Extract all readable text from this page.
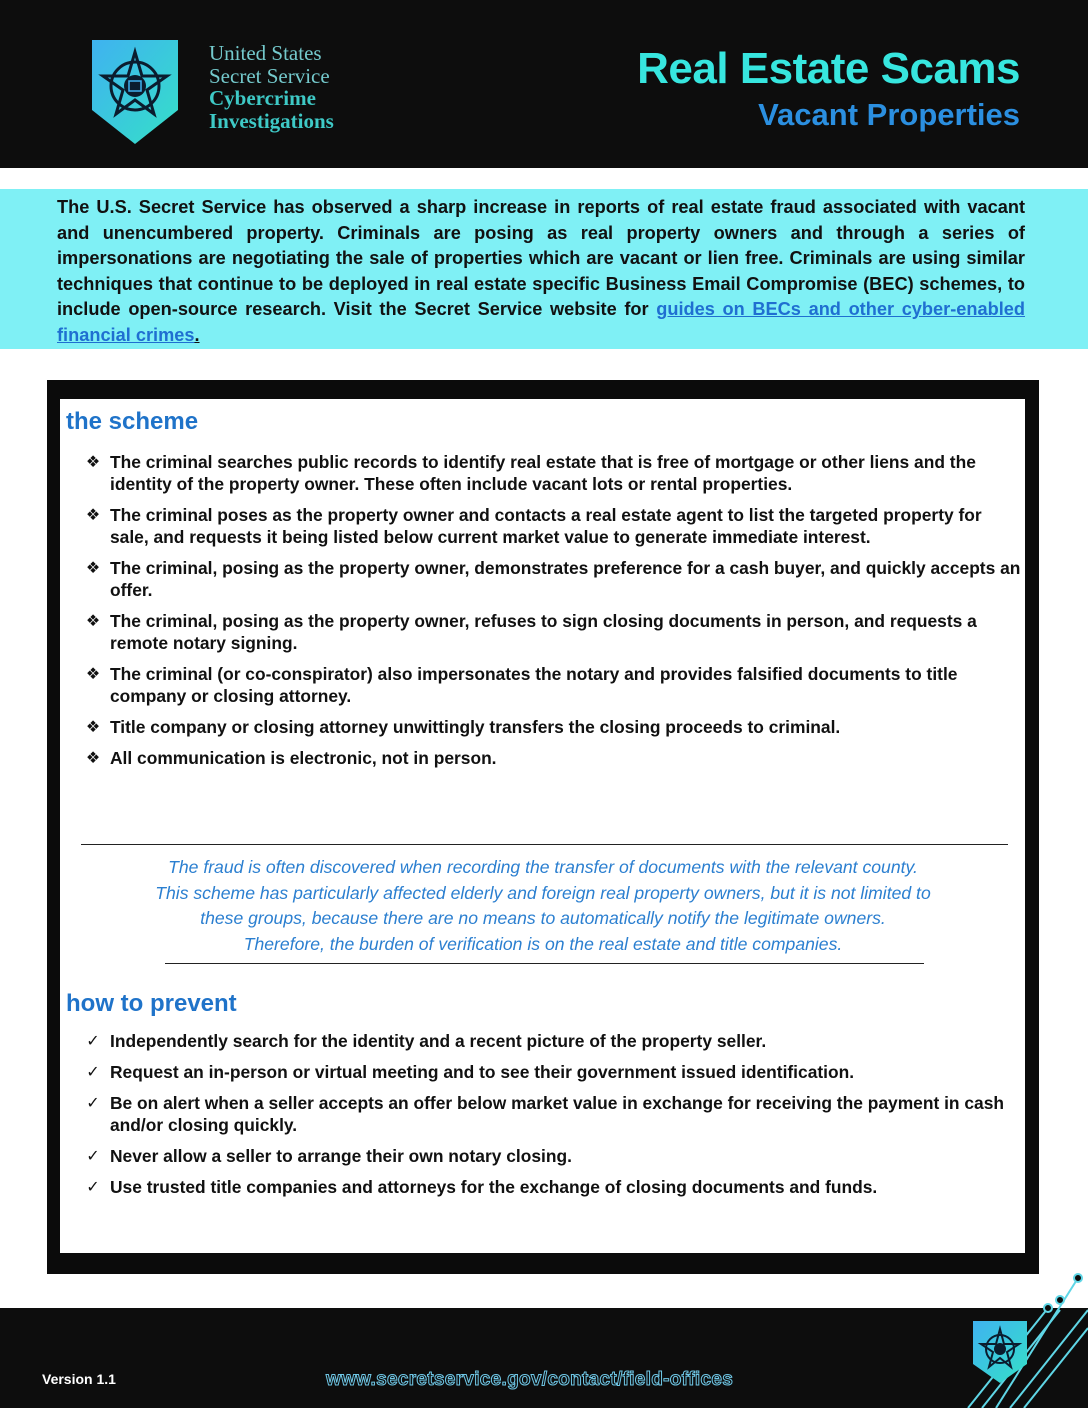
United States
Secret Service
Cybercrime
Investigations
Real Estate Scams
Vacant Properties

The U.S. Secret Service has observed a sharp increase in reports of real estate fraud associated with vacant and unencumbered property. Criminals are posing as real property owners and through a series of impersonations are negotiating the sale of properties which are vacant or lien free. Criminals are using similar techniques that continue to be deployed in real estate specific Business Email Compromise (BEC) schemes, to include open-source research. Visit the Secret Service website for guides on BECs and other cyber-enabled financial crimes.

the scheme
❖ The criminal searches public records to identify real estate that is free of mortgage or other liens and the identity of the property owner. These often include vacant lots or rental properties.
❖ The criminal poses as the property owner and contacts a real estate agent to list the targeted property for sale, and requests it being listed below current market value to generate immediate interest.
❖ The criminal, posing as the property owner, demonstrates preference for a cash buyer, and quickly accepts an offer.
❖ The criminal, posing as the property owner, refuses to sign closing documents in person, and requests a remote notary signing.
❖ The criminal (or co-conspirator) also impersonates the notary and provides falsified documents to title company or closing attorney.
❖ Title company or closing attorney unwittingly transfers the closing proceeds to criminal.
❖ All communication is electronic, not in person.
The fraud is often discovered when recording the transfer of documents with the relevant county.
This scheme has particularly affected elderly and foreign real property owners, but it is not limited to
these groups, because there are no means to automatically notify the legitimate owners.
Therefore, the burden of verification is on the real estate and title companies.
how to prevent
✓ Independently search for the identity and a recent picture of the property seller.
✓ Request an in-person or virtual meeting and to see their government issued identification.
✓ Be on alert when a seller accepts an offer below market value in exchange for receiving the payment in cash and/or closing quickly.
✓ Never allow a seller to arrange their own notary closing.
✓ Use trusted title companies and attorneys for the exchange of closing documents and funds.
Version 1.1	www.secretservice.gov/contact/field-offices
